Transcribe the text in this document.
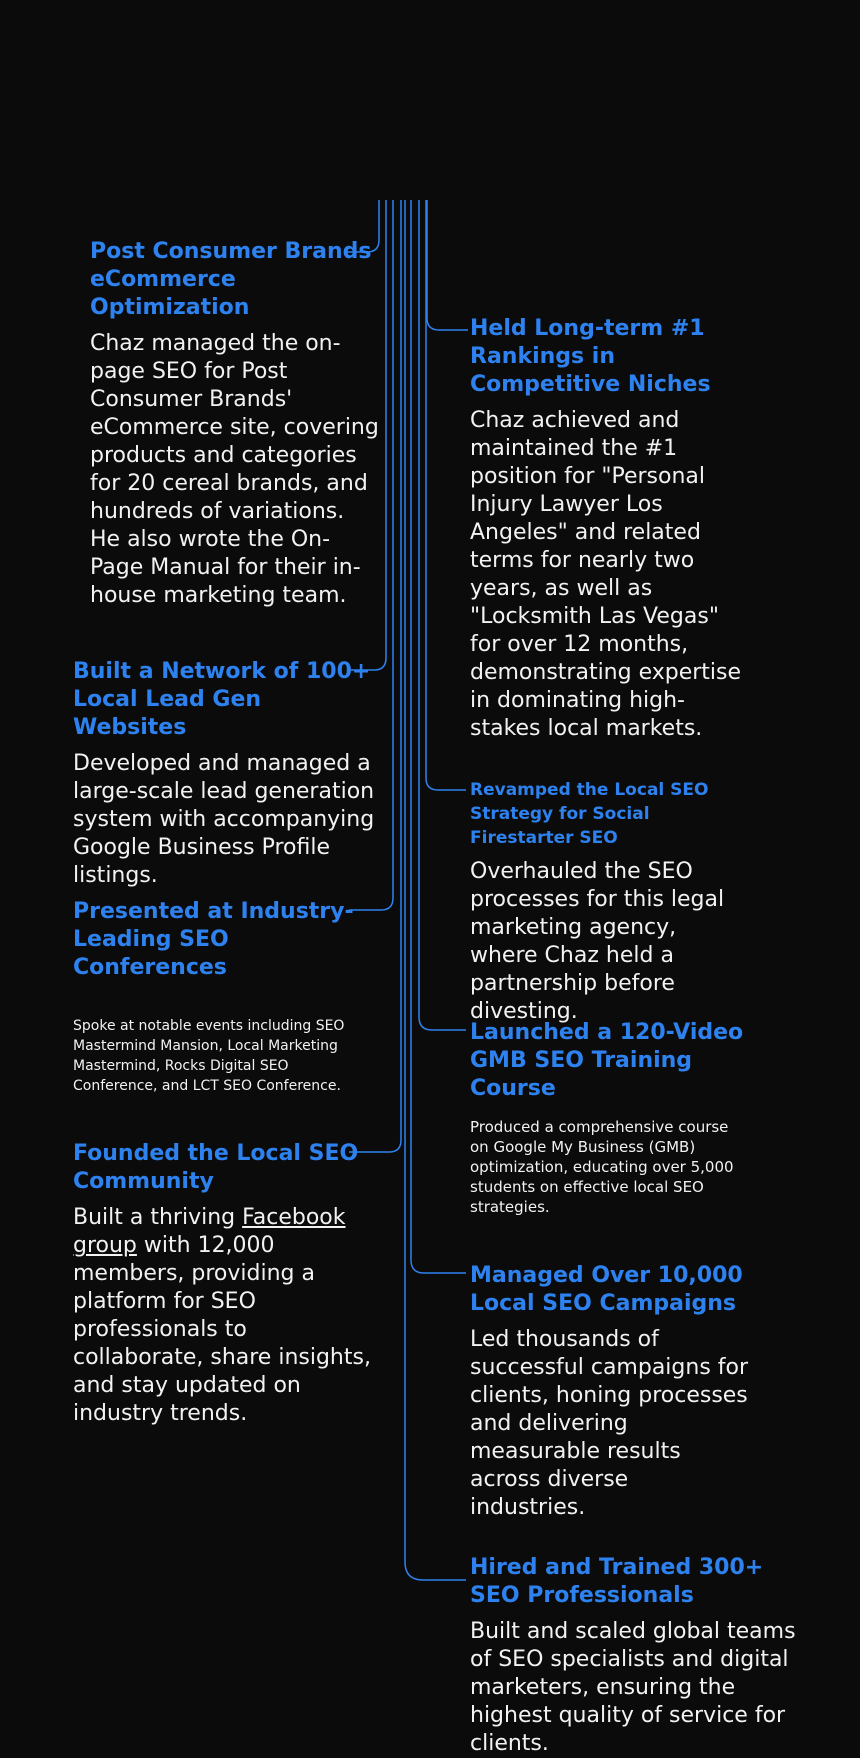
Post Consumer Brands eCommerce Optimization

Chaz managed the on-page SEO for Post Consumer Brands' eCommerce site, covering products and categories for 20 cereal brands, and hundreds of variations. He also wrote the On-Page Manual for their in-house marketing team.

Held Long-term #1 Rankings in Competitive Niches

Chaz achieved and maintained the #1 position for "Personal Injury Lawyer Los Angeles" and related terms for nearly two years, as well as "Locksmith Las Vegas" for over 12 months, demonstrating expertise in dominating high-stakes local markets.

Built a Network of 100+ Local Lead Gen Websites

Developed and managed a large-scale lead generation system with accompanying Google Business Profile listings.

Revamped the Local SEO Strategy for Social Firestarter SEO

Overhauled the SEO processes for this legal marketing agency, where Chaz held a partnership before divesting.

Presented at Industry-Leading SEO Conferences

Spoke at notable events including SEO Mastermind Mansion, Local Marketing Mastermind, Rocks Digital SEO Conference, and LCT SEO Conference.

Launched a 120-Video GMB SEO Training Course

Produced a comprehensive course on Google My Business (GMB) optimization, educating over 5,000 students on effective local SEO strategies.

Founded the Local SEO Community

Built a thriving Facebook group with 12,000 members, providing a platform for SEO professionals to collaborate, share insights, and stay updated on industry trends.

Managed Over 10,000 Local SEO Campaigns

Led thousands of successful campaigns for clients, honing processes and delivering measurable results across diverse industries.

Hired and Trained 300+ SEO Professionals

Built and scaled global teams of SEO specialists and digital marketers, ensuring the highest quality of service for clients.
